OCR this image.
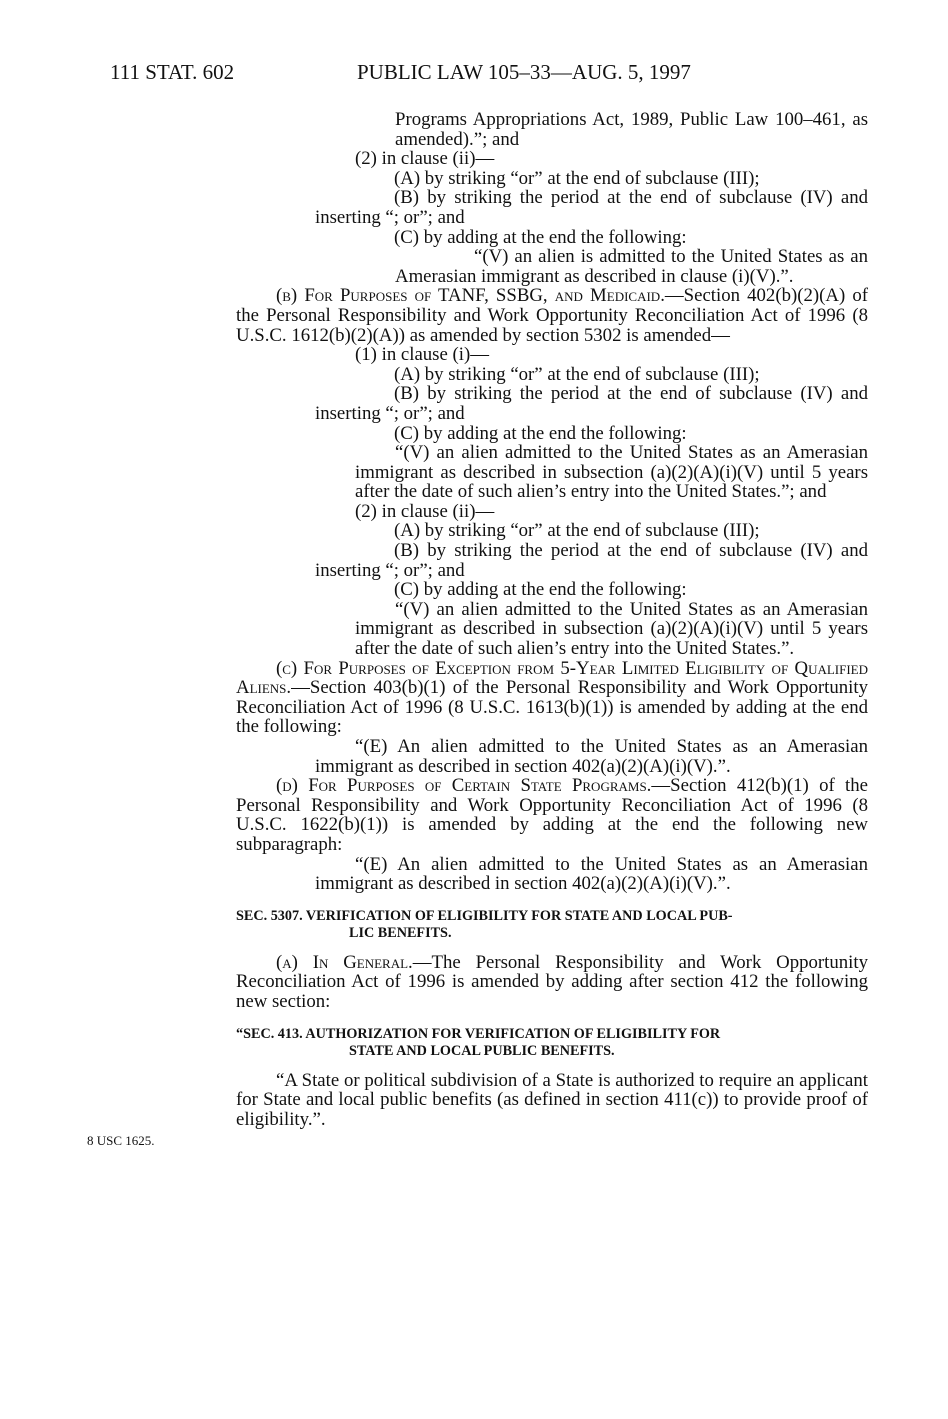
111 STAT. 602	PUBLIC LAW 105–33—AUG. 5, 1997
8 USC 1625.

Programs Appropriations Act, 1989, Public Law 100–461, as amended).”; and

(2) in clause (ii)—

(A) by striking “or” at the end of subclause (III);

(B) by striking the period at the end of subclause (IV) and inserting “; or”; and

(C) by adding at the end the following:

“(V) an alien is admitted to the United States as an Amerasian immigrant as described in clause (i)(V).”.

(b) For Purposes of TANF, SSBG, and Medicaid.—Section 402(b)(2)(A) of the Personal Responsibility and Work Opportunity Reconciliation Act of 1996 (8 U.S.C. 1612(b)(2)(A)) as amended by section 5302 is amended—

(1) in clause (i)—

(A) by striking “or” at the end of subclause (III);

(B) by striking the period at the end of subclause (IV) and inserting “; or”; and

(C) by adding at the end the following:

“(V) an alien admitted to the United States as an Amerasian immigrant as described in subsection (a)(2)(A)(i)(V) until 5 years after the date of such alien’s entry into the United States.”; and

(2) in clause (ii)—

(A) by striking “or” at the end of subclause (III);

(B) by striking the period at the end of subclause (IV) and inserting “; or”; and

(C) by adding at the end the following:

“(V) an alien admitted to the United States as an Amerasian immigrant as described in subsection (a)(2)(A)(i)(V) until 5 years after the date of such alien’s entry into the United States.”.

(c) For Purposes of Exception from 5-Year Limited Eligibility of Qualified Aliens.—Section 403(b)(1) of the Personal Responsibility and Work Opportunity Reconciliation Act of 1996 (8 U.S.C. 1613(b)(1)) is amended by adding at the end the following:

“(E) An alien admitted to the United States as an Amerasian immigrant as described in section 402(a)(2)(A)(i)(V).”.

(d) For Purposes of Certain State Programs.—Section 412(b)(1) of the Personal Responsibility and Work Opportunity Reconciliation Act of 1996 (8 U.S.C. 1622(b)(1)) is amended by adding at the end the following new subparagraph:

“(E) An alien admitted to the United States as an Amerasian immigrant as described in section 402(a)(2)(A)(i)(V).”.

SEC. 5307. VERIFICATION OF ELIGIBILITY FOR STATE AND LOCAL PUB-
LIC BENEFITS.

(a) In General.—The Personal Responsibility and Work Opportunity Reconciliation Act of 1996 is amended by adding after section 412 the following new section:

“SEC. 413. AUTHORIZATION FOR VERIFICATION OF ELIGIBILITY FOR
STATE AND LOCAL PUBLIC BENEFITS.

“A State or political subdivision of a State is authorized to require an applicant for State and local public benefits (as defined in section 411(c)) to provide proof of eligibility.”.
